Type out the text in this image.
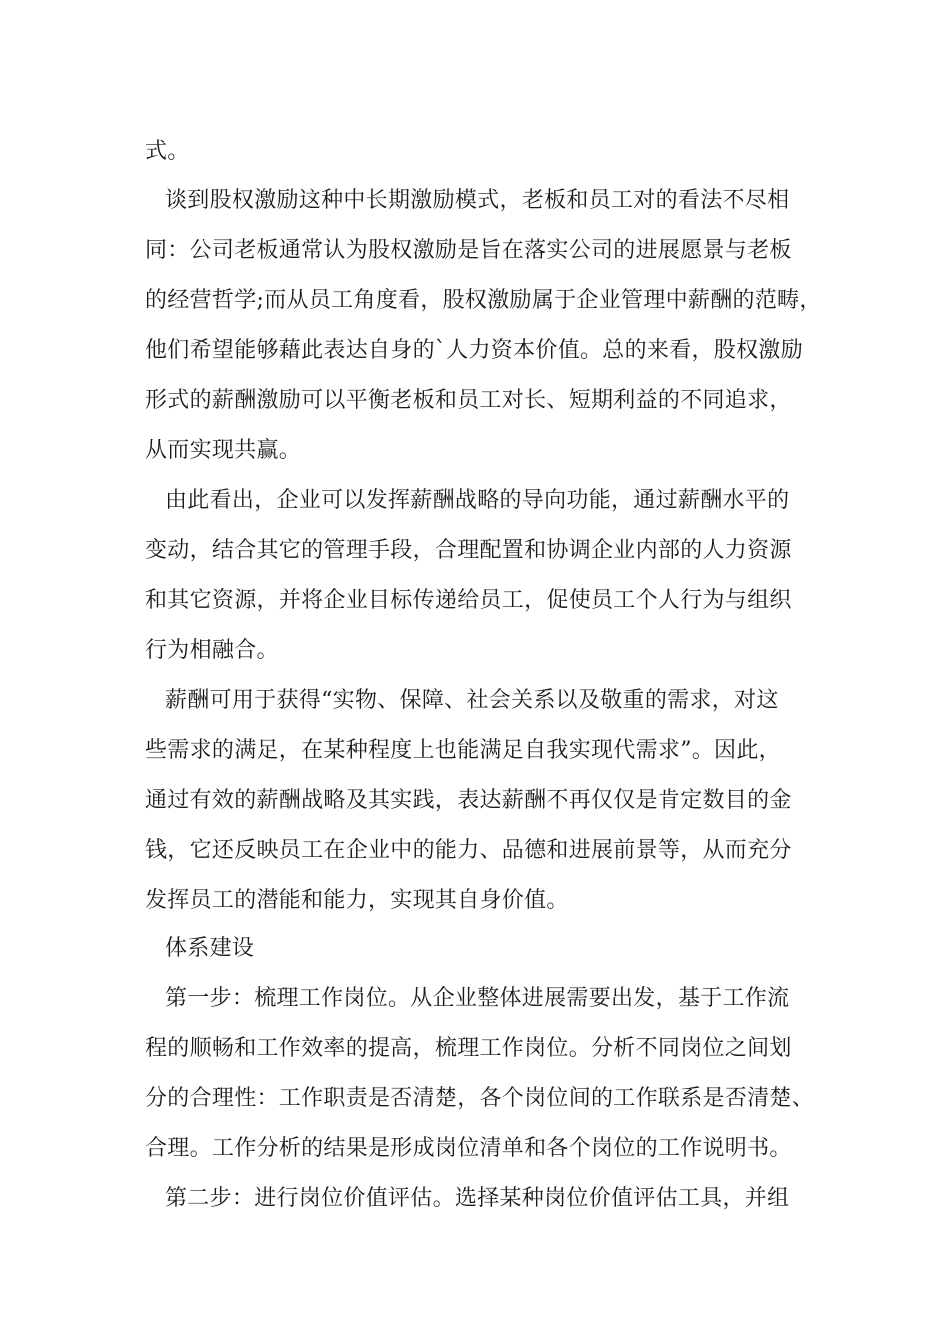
式。
谈到股权激励这种中长期激励模式，老板和员工对的看法不尽相
同：公司老板通常认为股权激励是旨在落实公司的进展愿景与老板
的经营哲学;而从员工角度看，股权激励属于企业管理中薪酬的范畴，
他们希望能够藉此表达自身的`人力资本价值。总的来看，股权激励
形式的薪酬激励可以平衡老板和员工对长、短期利益的不同追求，
从而实现共赢。
由此看出，企业可以发挥薪酬战略的导向功能，通过薪酬水平的
变动，结合其它的管理手段，合理配置和协调企业内部的人力资源
和其它资源，并将企业目标传递给员工，促使员工个人行为与组织
行为相融合。
薪酬可用于获得“实物、保障、社会关系以及敬重的需求，对这
些需求的满足，在某种程度上也能满足自我实现代需求”。因此，
通过有效的薪酬战略及其实践，表达薪酬不再仅仅是肯定数目的金
钱，它还反映员工在企业中的能力、品德和进展前景等，从而充分
发挥员工的潜能和能力，实现其自身价值。
体系建设
第一步：梳理工作岗位。从企业整体进展需要出发，基于工作流
程的顺畅和工作效率的提高，梳理工作岗位。分析不同岗位之间划
分的合理性：工作职责是否清楚，各个岗位间的工作联系是否清楚、
合理。工作分析的结果是形成岗位清单和各个岗位的工作说明书。
第二步：进行岗位价值评估。选择某种岗位价值评估工具，并组
